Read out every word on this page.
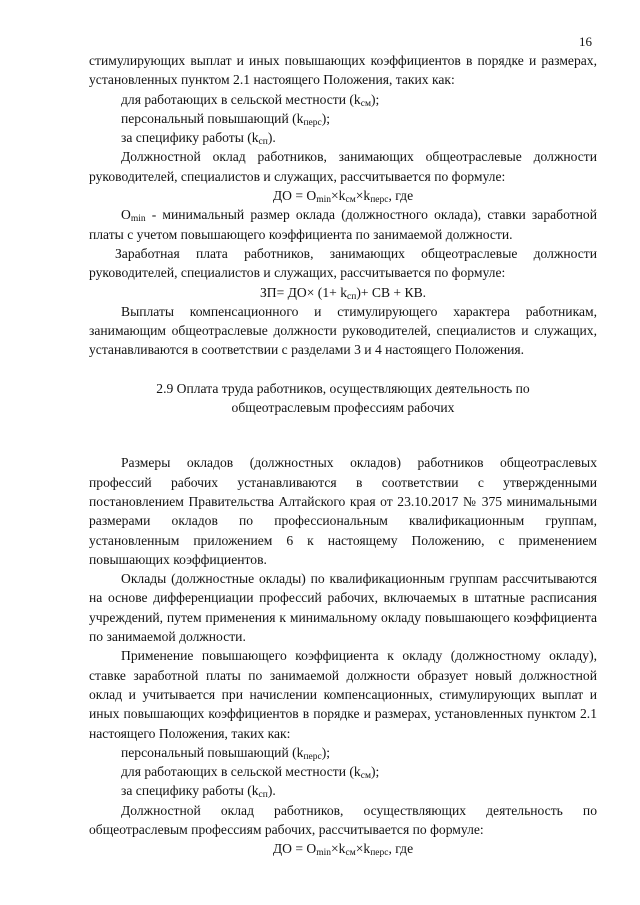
16

стимулирующих выплат и иных повышающих коэффициентов в порядке и размерах, установленных пунктом 2.1 настоящего Положения, таких как:

для работающих в сельской местности $(k_{см})$;

персональный повышающий $(k_{перс})$;

за специфику работы $(k_{сп})$.

Должностной оклад работников, занимающих общеотраслевые должности руководителей, специалистов и служащих, рассчитывается по формуле:

ДО = $O_{min}\times k_{см}\times k_{перс}$, где

$O_{min}$ - минимальный размер оклада (должностного оклада), ставки заработной платы с учетом повышающего коэффициента по занимаемой должности.

Заработная плата работников, занимающих общеотраслевые должности руководителей, специалистов и служащих, рассчитывается по формуле:

$ЗП= ДО\times (1+ k_{сп})+$ СВ + КВ.

Выплаты компенсационного и стимулирующего характера работникам, занимающим общеотраслевые должности руководителей, специалистов и служащих, устанавливаются в соответствии с разделами 3 и 4 настоящего Положения.

2.9 Оплата труда работников, осуществляющих деятельность по
общеотраслевым профессиям рабочих

Размеры окладов (должностных окладов) работников общеотраслевых профессий рабочих устанавливаются в соответствии с утвержденными постановлением Правительства Алтайского края от 23.10.2017 № 375 минимальными размерами окладов по профессиональным квалификационным группам, установленным приложением 6 к настоящему Положению, с применением повышающих коэффициентов.

Оклады (должностные оклады) по квалификационным группам рассчитываются на основе дифференциации профессий рабочих, включаемых в штатные расписания учреждений, путем применения к минимальному окладу повышающего коэффициента по занимаемой должности.

Применение повышающего коэффициента к окладу (должностному окладу), ставке заработной платы по занимаемой должности образует новый должностной оклад и учитывается при начислении компенсационных, стимулирующих выплат и иных повышающих коэффициентов в порядке и размерах, установленных пунктом 2.1 настоящего Положения, таких как:

персональный повышающий $(k_{перс})$;

для работающих в сельской местности $(k_{см})$;

за специфику работы $(k_{сп})$.

Должностной оклад работников, осуществляющих деятельность по общеотраслевым профессиям рабочих, рассчитывается по формуле:

ДО = $O_{min}\times k_{см}\times k_{перс}$, где
